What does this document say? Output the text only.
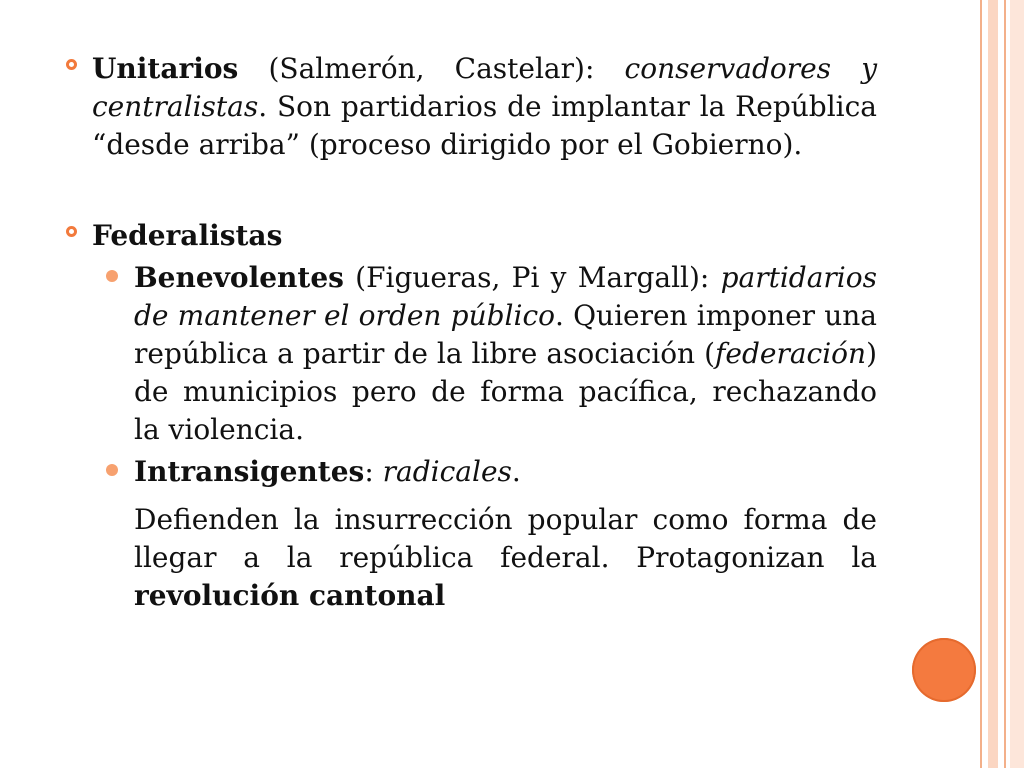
Unitarios (Salmerón, Castelar): conservadores y centralistas. Son partidarios de implantar la República “desde arriba” (proceso dirigido por el Gobierno).
Federalistas
Benevolentes (Figueras, Pi y Margall): partidarios de mantener el orden público. Quieren imponer una república a partir de la libre asociación (federación) de municipios pero de forma pacífica, rechazando la violencia.
Intransigentes: radicales.
Defienden la insurrección popular como forma de llegar a la república federal. Protagonizan la revolución cantonal
